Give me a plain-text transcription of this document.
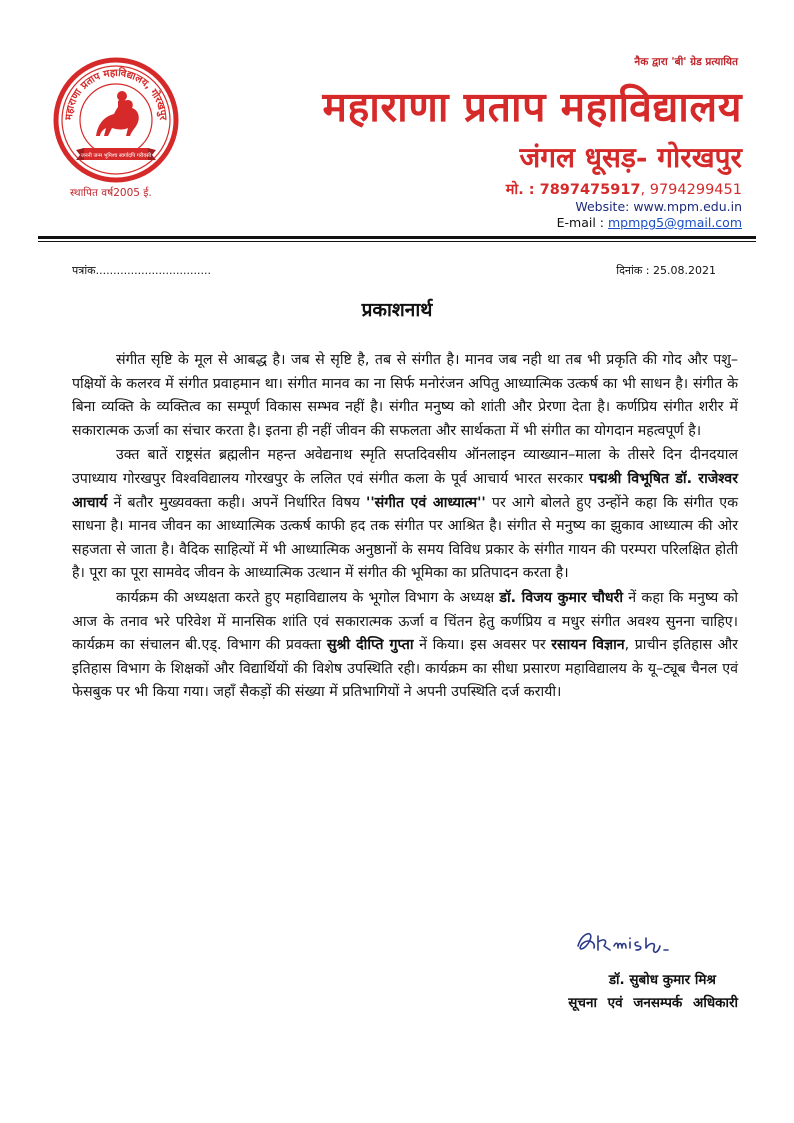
महाराणा प्रताप महाविद्यालय, गोरखपुर
जननी जन्म भूमिश्च स्वर्गादपि गरीयसी
स्थापित वर्ष2005 ई.
नैक द्वारा 'बी' ग्रेड प्रत्यायित
महाराणा प्रताप महाविद्यालय
जंगल धूसड़- गोरखपुर
मो. : 7897475917, 9794299451
Website: www.mpm.edu.in
E-mail : mpmpg5@gmail.com
पत्रांक.................................	दिनांक : 25.08.2021
प्रकाशनार्थ

संगीत सृष्टि के मूल से आबद्ध है। जब से सृष्टि है, तब से संगीत है। मानव जब नही था तब भी प्रकृति की गोद और पशु–पक्षियों के कलरव में संगीत प्रवाहमान था। संगीत मानव का ना सिर्फ मनोरंजन अपितु आध्यात्मिक उत्कर्ष का भी साधन है। संगीत के बिना व्यक्ति के व्यक्तित्व का सम्पूर्ण विकास सम्भव नहीं है। संगीत मनुष्य को शांती और प्रेरणा देता है। कर्णप्रिय संगीत शरीर में सकारात्मक ऊर्जा का संचार करता है। इतना ही नहीं जीवन की सफलता और सार्थकता में भी संगीत का योगदान महत्वपूर्ण है।

उक्त बातें राष्ट्रसंत ब्रह्मलीन महन्त अवेद्यनाथ स्मृति सप्तदिवसीय ऑनलाइन व्याख्यान–माला के तीसरे दिन दीनदयाल उपाध्याय गोरखपुर विश्वविद्यालय गोरखपुर के ललित एवं संगीत कला के पूर्व आचार्य भारत सरकार पद्मश्री विभूषित डॉ. राजेश्वर आचार्य नें बतौर मुख्यवक्ता कही। अपनें निर्धारित विषय ''संगीत एवं आध्यात्म'' पर आगे बोलते हुए उन्होंने कहा कि संगीत एक साधना है। मानव जीवन का आध्यात्मिक उत्कर्ष काफी हद तक संगीत पर आश्रित है। संगीत से मनुष्य का झुकाव आध्यात्म की ओर सहजता से जाता है। वैदिक साहित्यों में भी आध्यात्मिक अनुष्ठानों के समय विविध प्रकार के संगीत गायन की परम्परा परिलक्षित होती है। पूरा का पूरा सामवेद जीवन के आध्यात्मिक उत्थान में संगीत की भूमिका का प्रतिपादन करता है।

कार्यक्रम की अध्यक्षता करते हुए महाविद्यालय के भूगोल विभाग के अध्यक्ष डॉ. विजय कुमार चौधरी नें कहा कि मनुष्य को आज के तनाव भरे परिवेश में मानसिक शांति एवं सकारात्मक ऊर्जा व चिंतन हेतु कर्णप्रिय व मधुर संगीत अवश्य सुनना चाहिए। कार्यक्रम का संचालन बी.एड्. विभाग की प्रवक्ता सुश्री दीप्ति गुप्ता नें किया। इस अवसर पर रसायन विज्ञान, प्राचीन इतिहास और इतिहास विभाग के शिक्षकों और विद्यार्थियों की विशेष उपस्थिति रही। कार्यक्रम का सीधा प्रसारण महाविद्यालय के यू–ट्यूब चैनल एवं फेसबुक पर भी किया गया। जहाँ सैकड़ों की संख्या में प्रतिभागियों ने अपनी उपस्थिति दर्ज करायी।

डॉ. सुबोध कुमार मिश्र
सूचना एवं जनसम्पर्क अधिकारी
